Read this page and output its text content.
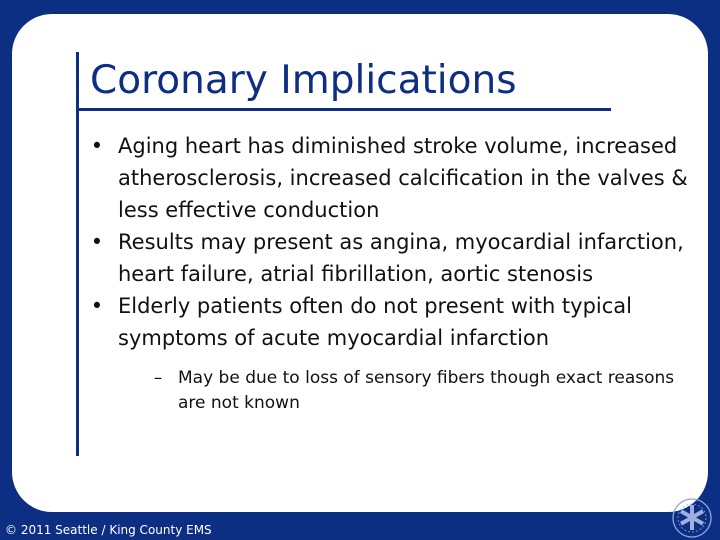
Coronary Implications
• Aging heart has diminished stroke volume, increased atherosclerosis, increased calcification in the valves & less effective conduction
• Results may present as angina, myocardial infarction, heart failure, atrial fibrillation, aortic stenosis
• Elderly patients often do not present with typical symptoms of acute myocardial infarction
– May be due to loss of sensory fibers though exact reasons are not known
© 2011 Seattle / King County EMS
